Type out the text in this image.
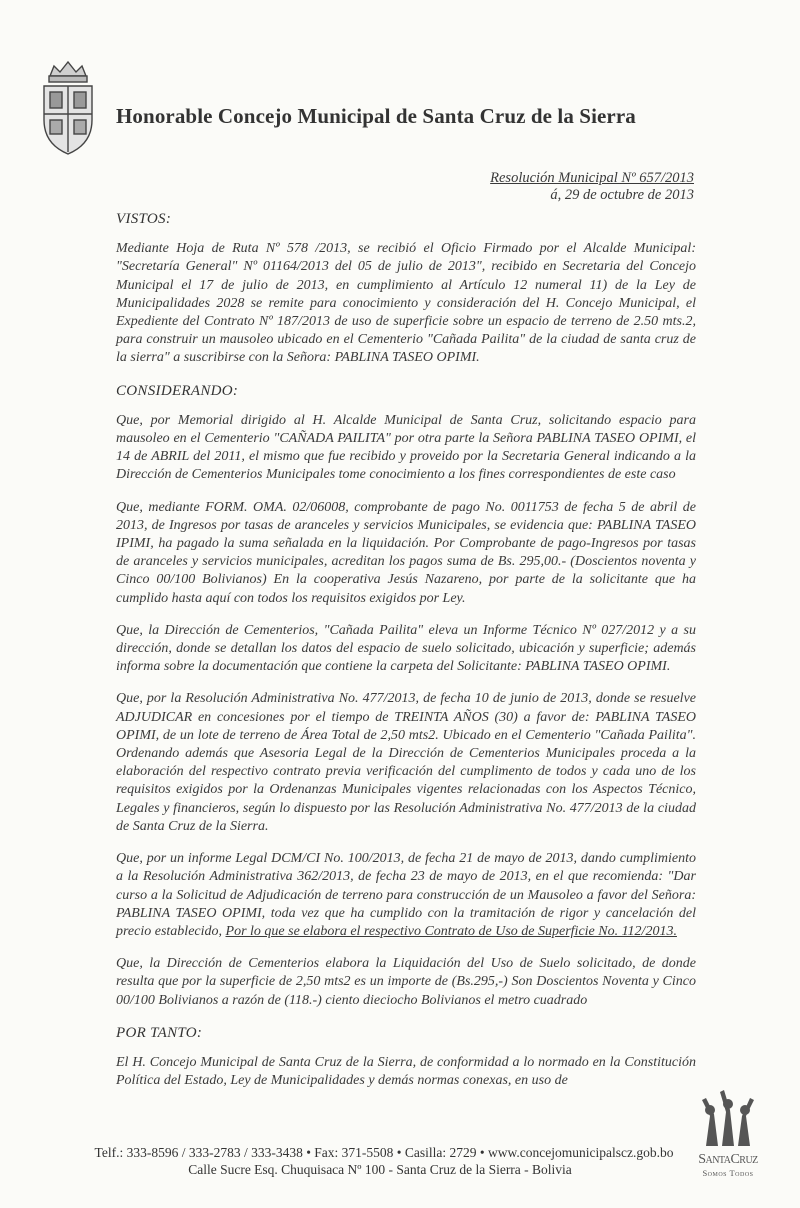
Honorable Concejo Municipal de Santa Cruz de la Sierra
Resolución Municipal Nº 657/2013
á, 29 de octubre de 2013
VISTOS:

Mediante Hoja de Ruta Nº 578 /2013, se recibió el Oficio Firmado por el Alcalde Municipal: "Secretaría General" Nº 01164/2013 del 05 de julio de 2013", recibido en Secretaria del Concejo Municipal el 17 de julio de 2013, en cumplimiento al Artículo 12 numeral 11) de la Ley de Municipalidades 2028 se remite para conocimiento y consideración del H. Concejo Municipal, el Expediente del Contrato Nº 187/2013 de uso de superficie sobre un espacio de terreno de 2.50 mts.2, para construir un mausoleo ubicado en el Cementerio "Cañada Pailita" de la ciudad de santa cruz de la sierra" a suscribirse con la Señora: PABLINA TASEO OPIMI.

CONSIDERANDO:

Que, por Memorial dirigido al H. Alcalde Municipal de Santa Cruz, solicitando espacio para mausoleo en el Cementerio "CAÑADA PAILITA" por otra parte la Señora PABLINA TASEO OPIMI, el 14 de ABRIL del 2011, el mismo que fue recibido y proveido por la Secretaria General indicando a la Dirección de Cementerios Municipales tome conocimiento a los fines correspondientes de este caso

Que, mediante FORM. OMA. 02/06008, comprobante de pago No. 0011753 de fecha 5 de abril de 2013, de Ingresos por tasas de aranceles y servicios Municipales, se evidencia que: PABLINA TASEO IPIMI, ha pagado la suma señalada en la liquidación. Por Comprobante de pago-Ingresos por tasas de aranceles y servicios municipales, acreditan los pagos suma de Bs. 295,00.- (Doscientos noventa y Cinco 00/100 Bolivianos) En la cooperativa Jesús Nazareno, por parte de la solicitante que ha cumplido hasta aquí con todos los requisitos exigidos por Ley.

Que, la Dirección de Cementerios, "Cañada Pailita" eleva un Informe Técnico Nº 027/2012 y a su dirección, donde se detallan los datos del espacio de suelo solicitado, ubicación y superficie; además informa sobre la documentación que contiene la carpeta del Solicitante: PABLINA TASEO OPIMI.

Que, por la Resolución Administrativa No. 477/2013, de fecha 10 de junio de 2013, donde se resuelve ADJUDICAR en concesiones por el tiempo de TREINTA AÑOS (30) a favor de: PABLINA TASEO OPIMI, de un lote de terreno de Área Total de 2,50 mts2. Ubicado en el Cementerio "Cañada Pailita". Ordenando además que Asesoria Legal de la Dirección de Cementerios Municipales proceda a la elaboración del respectivo contrato previa verificación del cumplimento de todos y cada uno de los requisitos exigidos por la Ordenanzas Municipales vigentes relacionadas con los Aspectos Técnico, Legales y financieros, según lo dispuesto por las Resolución Administrativa No. 477/2013 de la ciudad de Santa Cruz de la Sierra.

Que, por un informe Legal DCM/CI No. 100/2013, de fecha 21 de mayo de 2013, dando cumplimiento a la Resolución Administrativa 362/2013, de fecha 23 de mayo de 2013, en el que recomienda: "Dar curso a la Solicitud de Adjudicación de terreno para construcción de un Mausoleo a favor del Señora: PABLINA TASEO OPIMI, toda vez que ha cumplido con la tramitación de rigor y cancelación del precio establecido, Por lo que se elabora el respectivo Contrato de Uso de Superficie No. 112/2013.

Que, la Dirección de Cementerios elabora la Liquidación del Uso de Suelo solicitado, de donde resulta que por la superficie de 2,50 mts2 es un importe de (Bs.295,-) Son Doscientos Noventa y Cinco 00/100 Bolivianos a razón de (118.-) ciento dieciocho Bolivianos el metro cuadrado

POR TANTO:

El H. Concejo Municipal de Santa Cruz de la Sierra, de conformidad a lo normado en la Constitución Política del Estado, Ley de Municipalidades y demás normas conexas, en uso de

Telf.: 333-8596 / 333-2783 / 333-3438 • Fax: 371-5508 • Casilla: 2729 • www.concejomunicipalscz.gob.bo
Calle Sucre Esq. Chuquisaca Nº 100 - Santa Cruz de la Sierra - Bolivia
SantaCruz
Somos Todos
